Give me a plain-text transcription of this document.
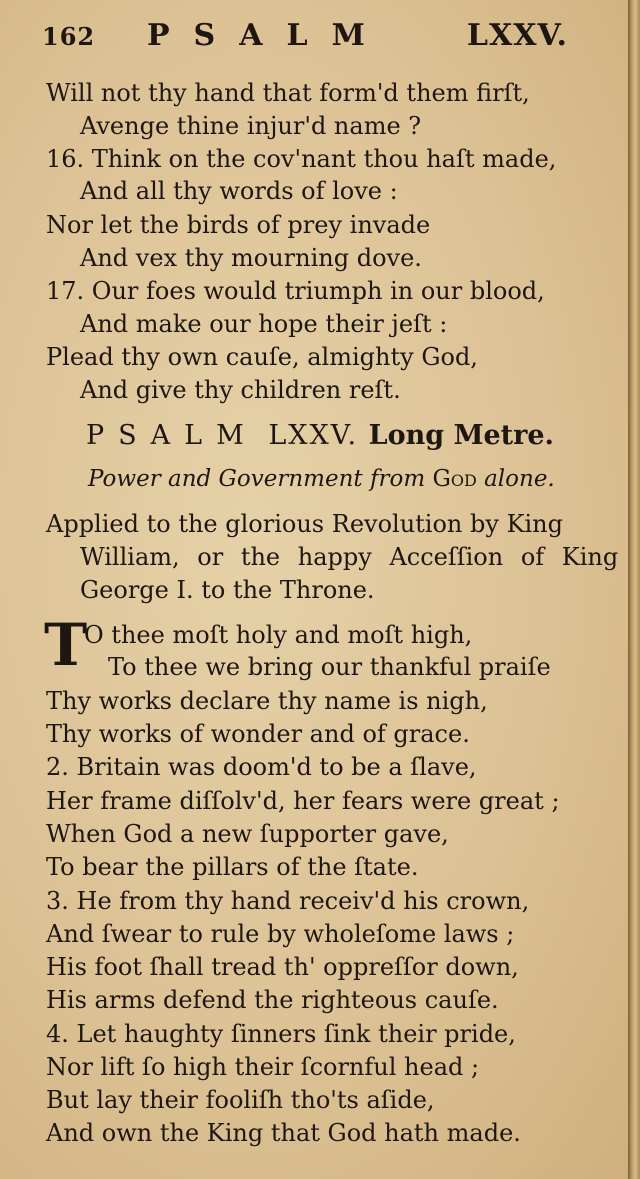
162 PSALM	LXXV.
Will not thy hand that form'd them firſt,
Avenge thine injur'd name ?
16. Think on the cov'nant thou haſt made,
And all thy words of love :
Nor let the birds of prey invade
And vex thy mourning dove.
17. Our foes would triumph in our blood,
And make our hope their jeſt :
Plead thy own cauſe, almighty God,
And give thy children reſt.
PSALM LXXV. Long Metre.
Power and Government from God alone.
Applied to the glorious Revolution by King
William, or the happy Acceſſion of King
George I. to the Throne.
T
O thee moſt holy and moſt high,
To thee we bring our thankful praiſe
Thy works declare thy name is nigh,
Thy works of wonder and of grace.
2. Britain was doom'd to be a ſlave,
Her frame diſſolv'd, her fears were great ;
When God a new ſupporter gave,
To bear the pillars of the ſtate.
3. He from thy hand receiv'd his crown,
And ſwear to rule by wholeſome laws ;
His foot ſhall tread th' oppreſſor down,
His arms defend the righteous cauſe.
4. Let haughty ſinners ſink their pride,
Nor lift ſo high their ſcornful head ;
But lay their fooliſh tho'ts aſide,
And own the King that God hath made.
